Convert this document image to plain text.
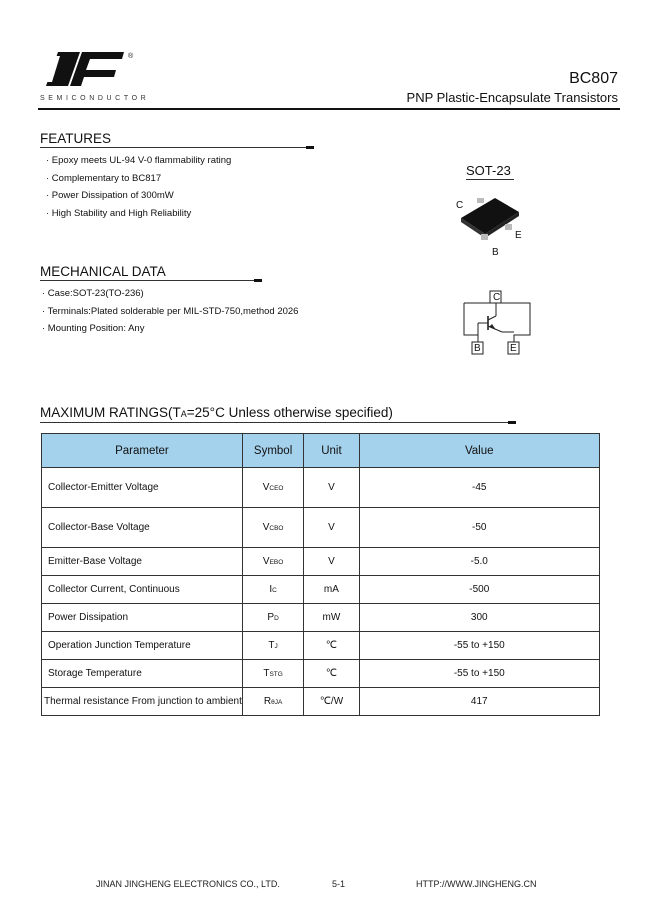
®
SEMICONDUCTOR
BC807
PNP Plastic-Encapsulate Transistors
FEATURES
· Epoxy meets UL-94 V-0 flammability rating
· Complementary to BC817
· Power Dissipation of 300mW
· High Stability and High Reliability
SOT-23
C
E
B
C
B	E
MECHANICAL DATA
· Case:SOT-23(TO-236)
· Terminals:Plated solderable per MIL-STD-750,method 2026
· Mounting Position: Any
MAXIMUM RATINGS(TA=25°C Unless otherwise specified)
Parameter	Symbol	Unit	Value
Collector-Emitter Voltage	VCEO	V	-45
Collector-Base Voltage	VCBO	V	-50
Emitter-Base Voltage	VEBO	V	-5.0
Collector Current, Continuous	IC	mA	-500
Power Dissipation	PD	mW	300
Operation Junction Temperature	TJ	℃	-55 to +150
Storage Temperature	TSTG	℃	-55 to +150
Thermal resistance From junction to ambient	RθJA	℃/W	417
JINAN JINGHENG ELECTRONICS CO., LTD.	5-1	HTTP://WWW.JINGHENG.CN
